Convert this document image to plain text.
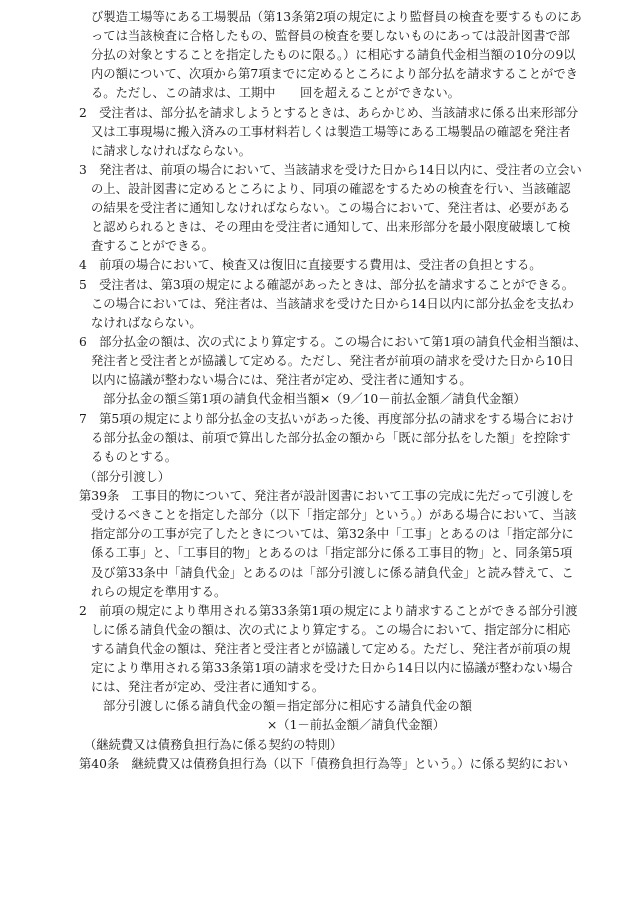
び製造工場等にある工場製品（第13条第2項の規定により監督員の検査を要するものにあ
っては当該検査に合格したもの、監督員の検査を要しないものにあっては設計図書で部
分払の対象とすることを指定したものに限る。）に相応する請負代金相当額の10分の9以
内の額について、次項から第7項までに定めるところにより部分払を請求することができ
る。ただし、この請求は、工期中　　回を超えることができない。
2　受注者は、部分払を請求しようとするときは、あらかじめ、当該請求に係る出来形部分
又は工事現場に搬入済みの工事材料若しくは製造工場等にある工場製品の確認を発注者
に請求しなければならない。
3　発注者は、前項の場合において、当該請求を受けた日から14日以内に、受注者の立会い
の上、設計図書に定めるところにより、同項の確認をするための検査を行い、当該確認
の結果を受注者に通知しなければならない。この場合において、発注者は、必要がある
と認められるときは、その理由を受注者に通知して、出来形部分を最小限度破壊して検
査することができる。
4　前項の場合において、検査又は復旧に直接要する費用は、受注者の負担とする。
5　受注者は、第3項の規定による確認があったときは、部分払を請求することができる。
この場合においては、発注者は、当該請求を受けた日から14日以内に部分払金を支払わ
なければならない。
6　部分払金の額は、次の式により算定する。この場合において第1項の請負代金相当額は、
発注者と受注者とが協議して定める。ただし、発注者が前項の請求を受けた日から10日
以内に協議が整わない場合には、発注者が定め、受注者に通知する。
部分払金の額≦第1項の請負代金相当額×（9／10－前払金額／請負代金額）
7　第5項の規定により部分払金の支払いがあった後、再度部分払の請求をする場合におけ
る部分払金の額は、前項で算出した部分払金の額から「既に部分払をした額」を控除す
るものとする。
（部分引渡し）
第39条　工事目的物について、発注者が設計図書において工事の完成に先だって引渡しを
受けるべきことを指定した部分（以下「指定部分」という。）がある場合において、当該
指定部分の工事が完了したときについては、第32条中「工事」とあるのは「指定部分に
係る工事」と、「工事目的物」とあるのは「指定部分に係る工事目的物」と、同条第5項
及び第33条中「請負代金」とあるのは「部分引渡しに係る請負代金」と読み替えて、こ
れらの規定を準用する。
2　前項の規定により準用される第33条第1項の規定により請求することができる部分引渡
しに係る請負代金の額は、次の式により算定する。この場合において、指定部分に相応
する請負代金の額は、発注者と受注者とが協議して定める。ただし、発注者が前項の規
定により準用される第33条第1項の請求を受けた日から14日以内に協議が整わない場合
には、発注者が定め、受注者に通知する。
部分引渡しに係る請負代金の額＝指定部分に相応する請負代金の額
×（1－前払金額／請負代金額）
（継続費又は債務負担行為に係る契約の特則）
第40条　継続費又は債務負担行為（以下「債務負担行為等」という。）に係る契約におい
